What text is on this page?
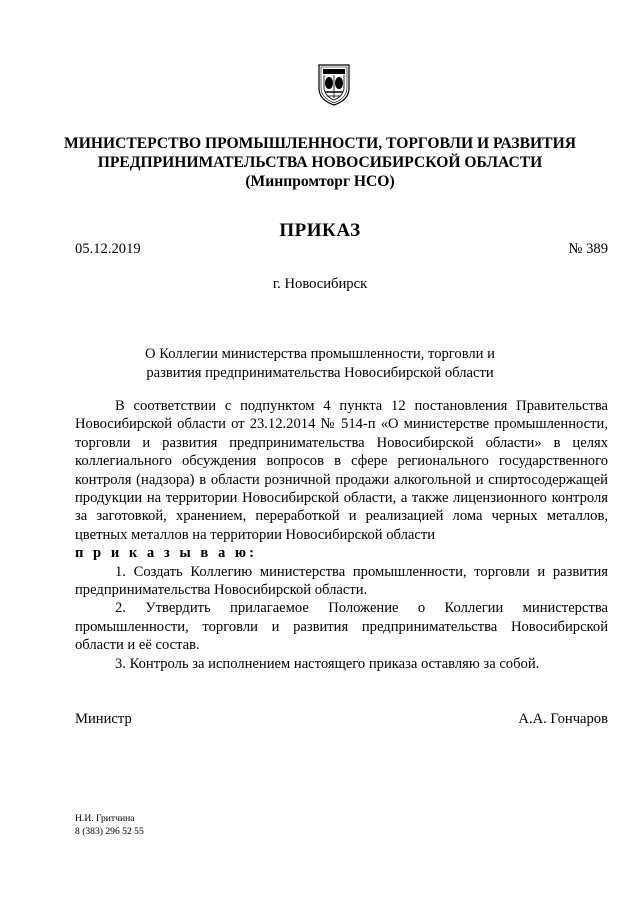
МИНИСТЕРСТВО ПРОМЫШЛЕННОСТИ, ТОРГОВЛИ И РАЗВИТИЯ
ПРЕДПРИНИМАТЕЛЬСТВА НОВОСИБИРСКОЙ ОБЛАСТИ
(Минпромторг НСО)
ПРИКАЗ
05.12.2019	№ 389
г. Новосибирск
О Коллегии министерства промышленности, торговли и развития предпринимательства Новосибирской области

В соответствии с подпунктом 4 пункта 12 постановления Правительства Новосибирской области от 23.12.2014 № 514-п «О министерстве промышленности, торговли и развития предпринимательства Новосибирской области» в целях коллегиального обсуждения вопросов в сфере регионального государственного контроля (надзора) в области розничной продажи алкогольной и спиртосодержащей продукции на территории Новосибирской области, а также лицензионного контроля за заготовкой, хранением, переработкой и реализацией лома черных металлов, цветных металлов на территории Новосибирской области

п р и к а з ы в а ю:

1. Создать Коллегию министерства промышленности, торговли и развития предпринимательства Новосибирской области.

2. Утвердить прилагаемое Положение о Коллегии министерства промышленности, торговли и развития предпринимательства Новосибирской области и её состав.

3. Контроль за исполнением настоящего приказа оставляю за собой.

Министр	А.А. Гончаров
Н.И. Гритчина
8 (383) 296 52 55
